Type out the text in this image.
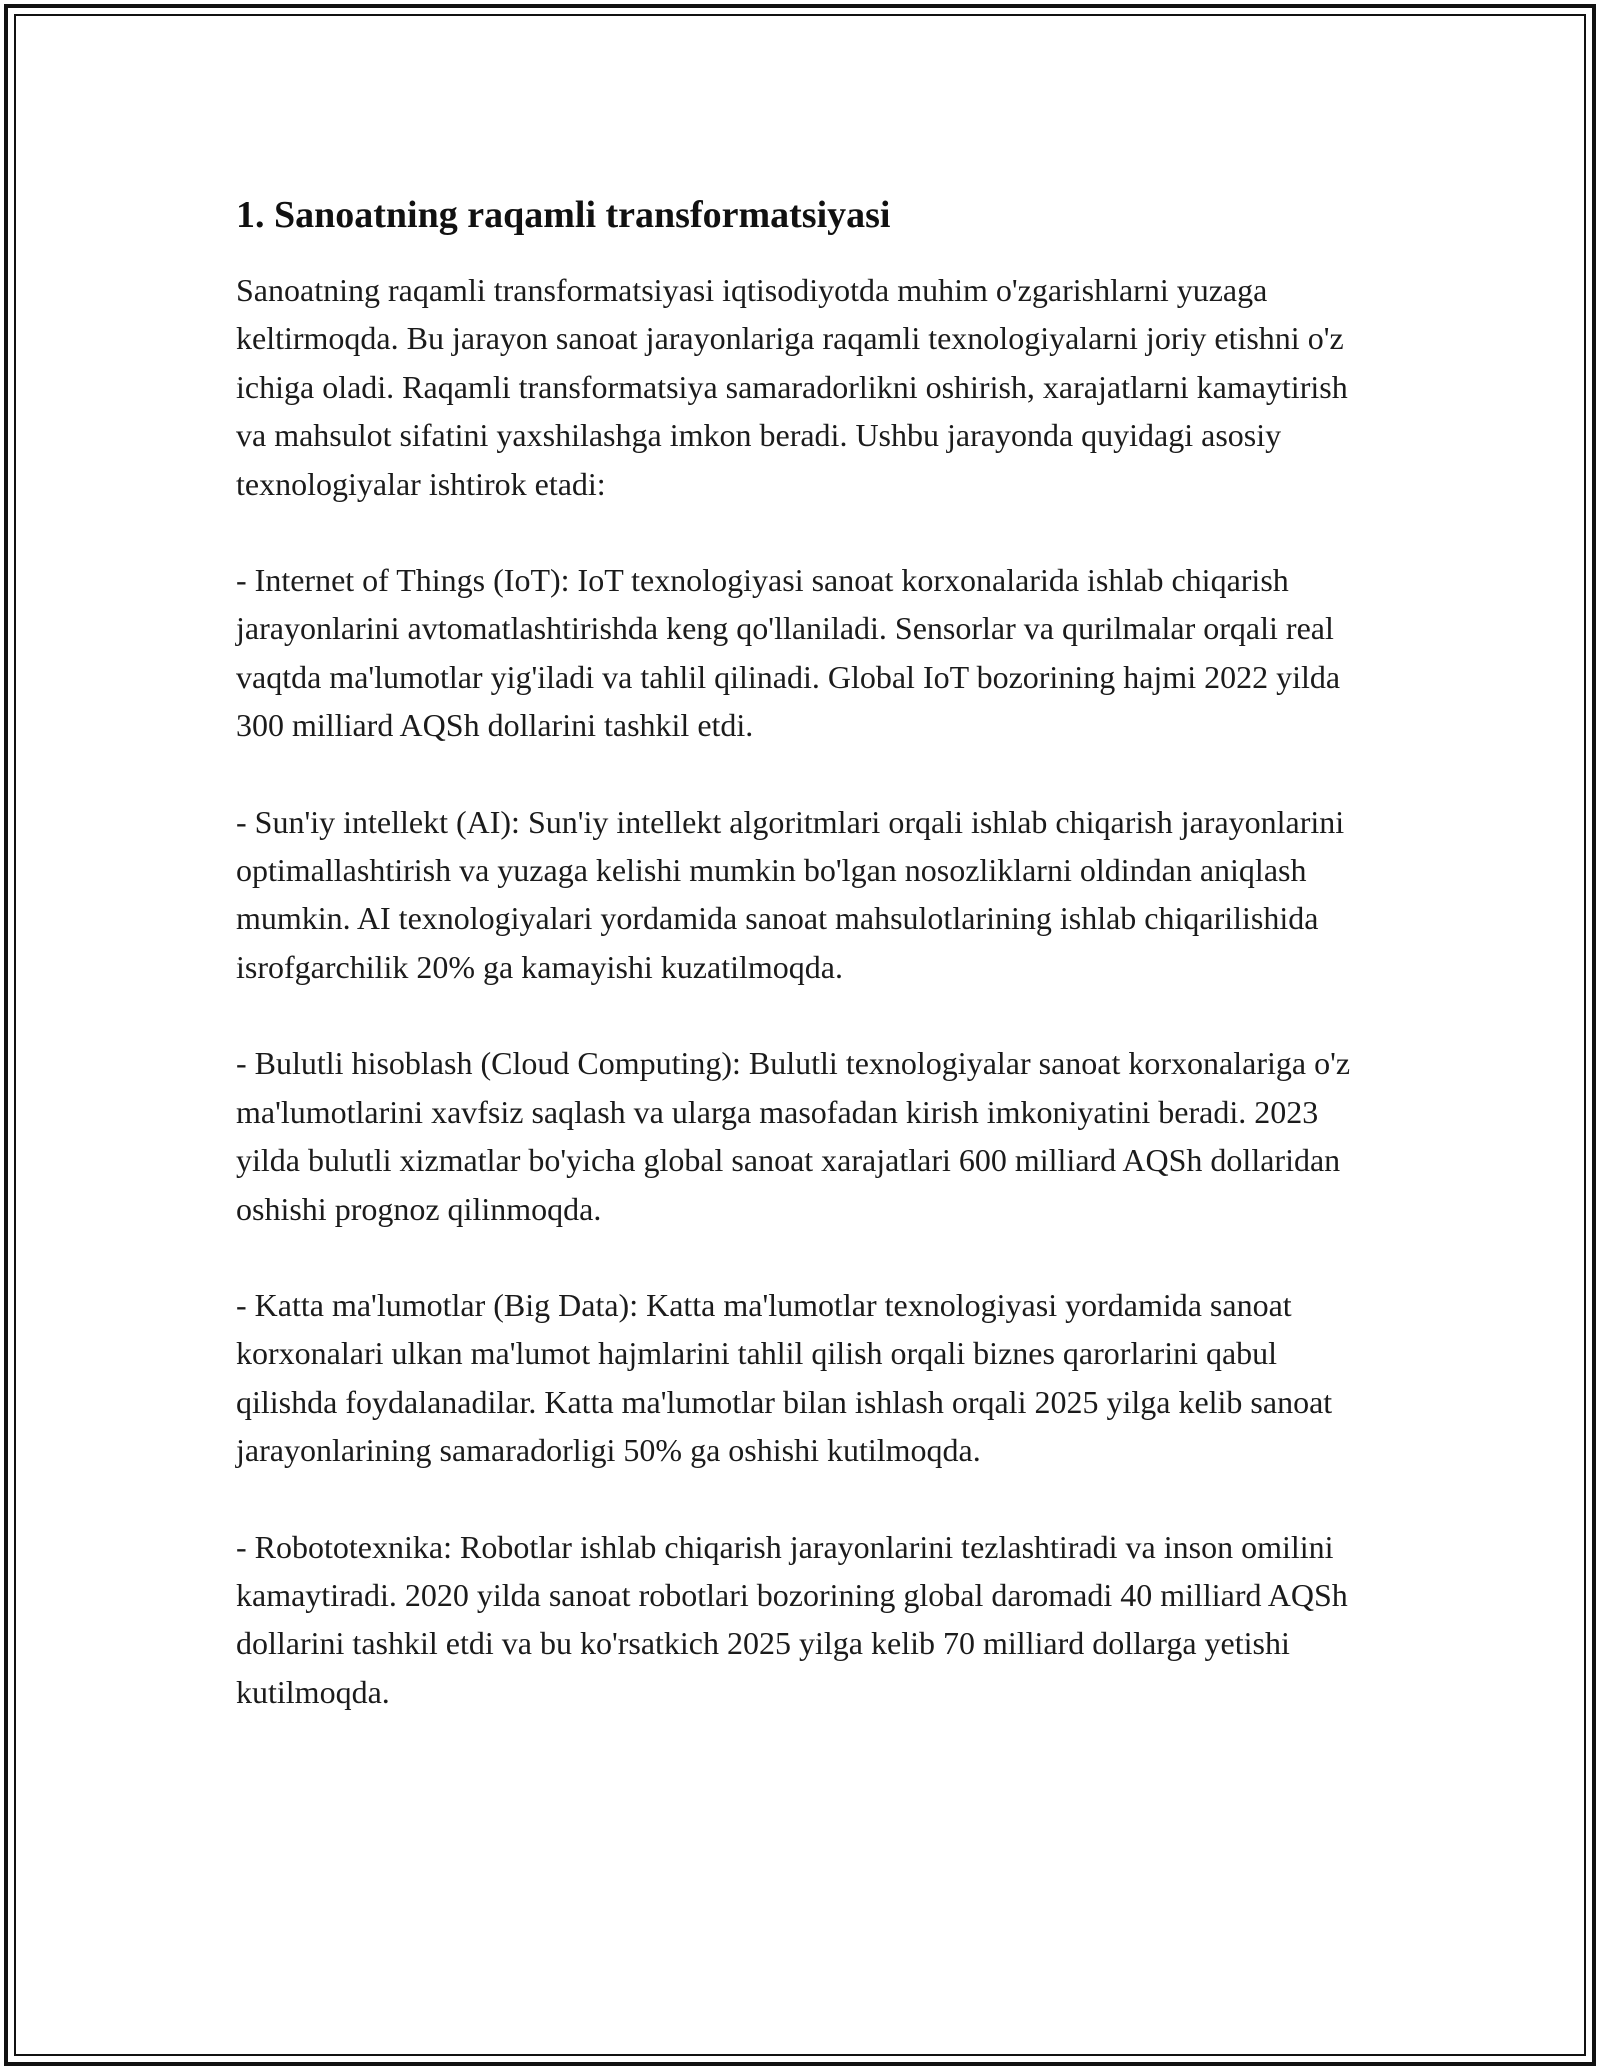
1. Sanoatning raqamli transformatsiyasi

Sanoatning raqamli transformatsiyasi iqtisodiyotda muhim o'zgarishlarni yuzaga keltirmoqda. Bu jarayon sanoat jarayonlariga raqamli texnologiyalarni joriy etishni o'z ichiga oladi. Raqamli transformatsiya samaradorlikni oshirish, xarajatlarni kamaytirish va mahsulot sifatini yaxshilashga imkon beradi. Ushbu jarayonda quyidagi asosiy texnologiyalar ishtirok etadi:

- Internet of Things (IoT): IoT texnologiyasi sanoat korxonalarida ishlab chiqarish jarayonlarini avtomatlashtirishda keng qo'llaniladi. Sensorlar va qurilmalar orqali real vaqtda ma'lumotlar yig'iladi va tahlil qilinadi. Global IoT bozorining hajmi 2022 yilda 300 milliard AQSh dollarini tashkil etdi.

- Sun'iy intellekt (AI): Sun'iy intellekt algoritmlari orqali ishlab chiqarish jarayonlarini optimallashtirish va yuzaga kelishi mumkin bo'lgan nosozliklarni oldindan aniqlash mumkin. AI texnologiyalari yordamida sanoat mahsulotlarining ishlab chiqarilishida isrofgarchilik 20% ga kamayishi kuzatilmoqda.

- Bulutli hisoblash (Cloud Computing): Bulutli texnologiyalar sanoat korxonalariga o'z ma'lumotlarini xavfsiz saqlash va ularga masofadan kirish imkoniyatini beradi. 2023 yilda bulutli xizmatlar bo'yicha global sanoat xarajatlari 600 milliard AQSh dollaridan oshishi prognoz qilinmoqda.

- Katta ma'lumotlar (Big Data): Katta ma'lumotlar texnologiyasi yordamida sanoat korxonalari ulkan ma'lumot hajmlarini tahlil qilish orqali biznes qarorlarini qabul qilishda foydalanadilar. Katta ma'lumotlar bilan ishlash orqali 2025 yilga kelib sanoat jarayonlarining samaradorligi 50% ga oshishi kutilmoqda.

- Robototexnika: Robotlar ishlab chiqarish jarayonlarini tezlashtiradi va inson omilini kamaytiradi. 2020 yilda sanoat robotlari bozorining global daromadi 40 milliard AQSh dollarini tashkil etdi va bu ko'rsatkich 2025 yilga kelib 70 milliard dollarga yetishi kutilmoqda.
